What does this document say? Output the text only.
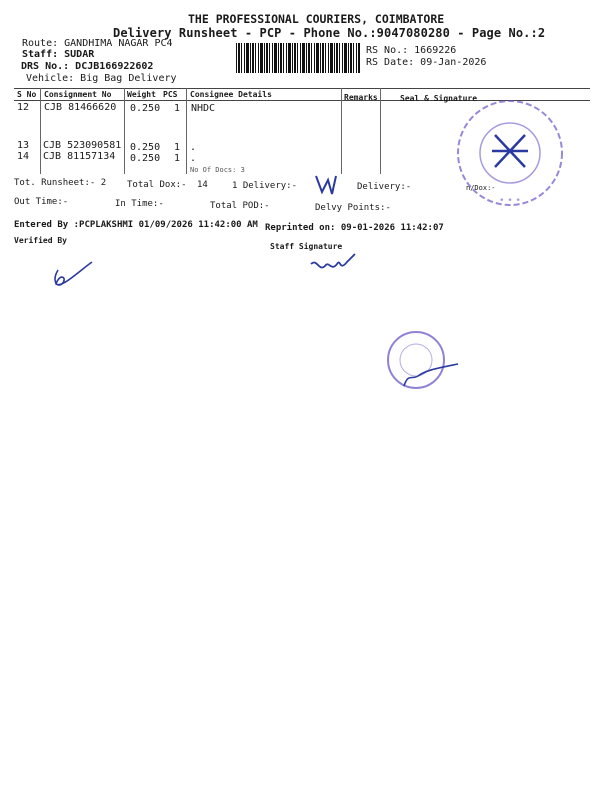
THE PROFESSIONAL COURIERS, COIMBATORE
Delivery Runsheet - PCP - Phone No.:9047080280 - Page No.:2
Route: GANDHIMA NAGAR PC4
Staff: SUDAR
DRS No.: DCJB166922602
Vehicle: Big Bag Delivery
RS No.: 1669226
RS Date: 09-Jan-2026
S No Consignment No Weight PCS Consignee Details	Remarks	Seal & Signature
12 CJB 81466620 0.250 1 NHDC
13 CJB 523090581 0.250 1 .
14 CJB 81157134 0.250 1 .
No Of Docs: 3
Tot. Runsheet:- 2 Total Dox:- 14	1 Delivery:-	Delivery:-	n/Dox:-
Out Time:-	In Time:-	Total POD:-	Delvy Points:-
Entered By :PCPLAKSHMI 01/09/2026 11:42:00 AM Reprinted on: 09-01-2026 11:42:07
Verified By
Staff Signature
• • •
